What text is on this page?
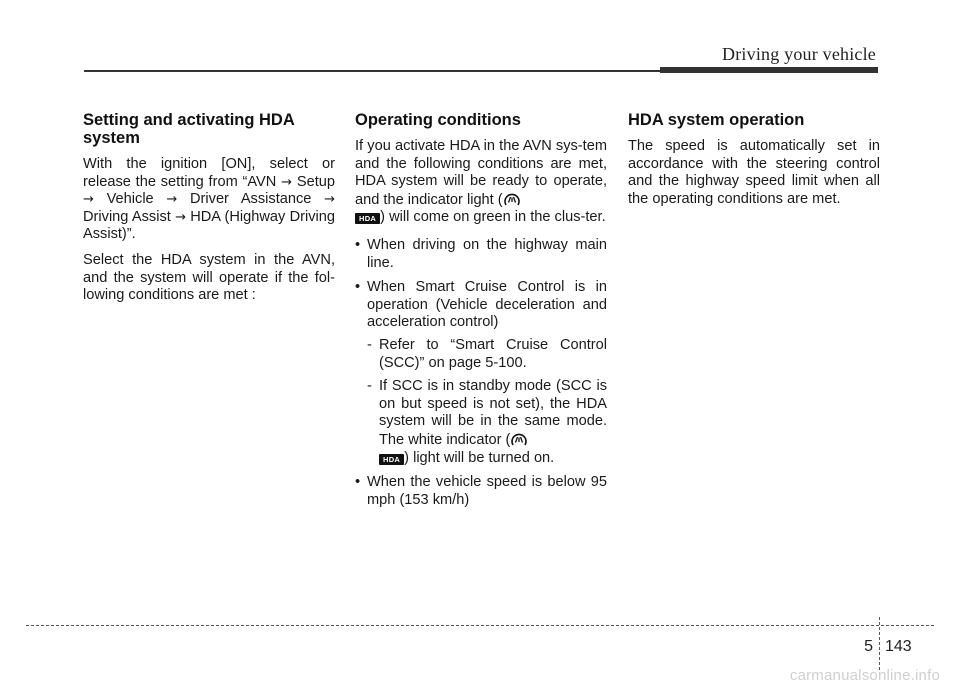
Driving your vehicle
Setting and activating HDA system

With the ignition [ON], select or release the setting from “AVN → Setup → Vehicle → Driver Assistance → Driving Assist → HDA (Highway Driving Assist)”.

Select the HDA system in the AVN, and the system will operate if the fol-lowing conditions are met :

Operating conditions

If you activate HDA in the AVN sys-tem and the following conditions are met, HDA system will be ready to operate, and the indicator light (
HDA ) will come on green in the clus-ter.

• When driving on the highway main line.
• When Smart Cruise Control is in operation (Vehicle deceleration and acceleration control)
- Refer to “Smart Cruise Control (SCC)” on page 5-100.
- If SCC is in standby mode (SCC is on but speed is not set), the HDA system will be in the same mode. The white indicator (
HDA ) light will be turned on.
• When the vehicle speed is below 95 mph (153 km/h)
HDA system operation

The speed is automatically set in accordance with the steering control and the highway speed limit when all the operating conditions are met.

5 143
carmanualsonline.info
